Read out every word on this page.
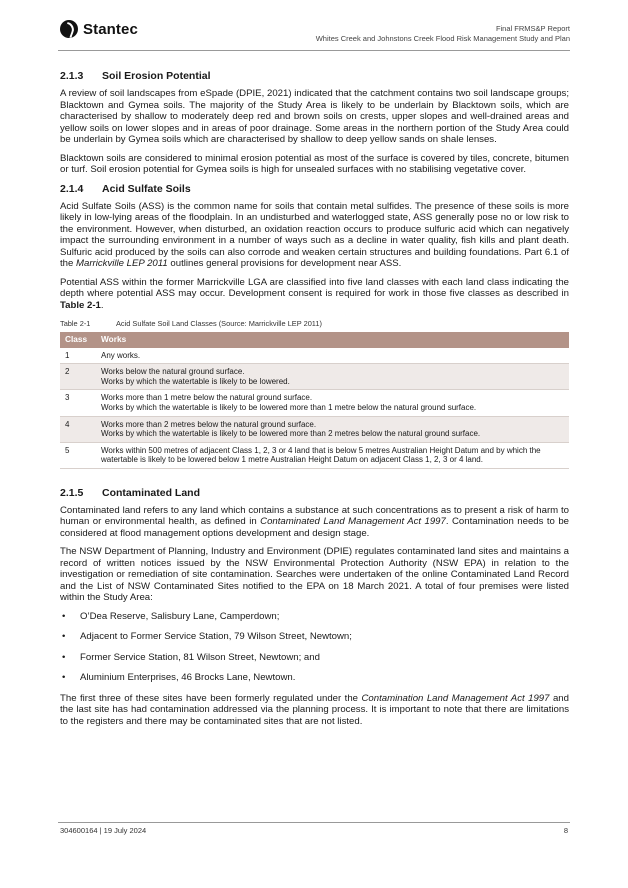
Stantec	Final FRMS&P Report
Whites Creek and Johnstons Creek Flood Risk Management Study and Plan
2.1.3 Soil Erosion Potential

A review of soil landscapes from eSpade (DPIE, 2021) indicated that the catchment contains two soil landscape groups; Blacktown and Gymea soils. The majority of the Study Area is likely to be underlain by Blacktown soils, which are characterised by shallow to moderately deep red and brown soils on crests, upper slopes and well-drained areas and yellow soils on lower slopes and in areas of poor drainage. Some areas in the northern portion of the Study Area could be underlain by Gymea soils which are characterised by shallow to deep yellow sands on shale lenses.

Blacktown soils are considered to minimal erosion potential as most of the surface is covered by tiles, concrete, bitumen or turf. Soil erosion potential for Gymea soils is high for unsealed surfaces with no stabilising vegetative cover.

2.1.4 Acid Sulfate Soils

Acid Sulfate Soils (ASS) is the common name for soils that contain metal sulfides. The presence of these soils is more likely in low-lying areas of the floodplain. In an undisturbed and waterlogged state, ASS generally pose no or low risk to the environment. However, when disturbed, an oxidation reaction occurs to produce sulfuric acid which can negatively impact the surrounding environment in a number of ways such as a decline in water quality, fish kills and plant death. Sulfuric acid produced by the soils can also corrode and weaken certain structures and building foundations. Part 6.1 of the Marrickville LEP 2011 outlines general provisions for development near ASS.

Potential ASS within the former Marrickville LGA are classified into five land classes with each land class indicating the depth where potential ASS may occur. Development consent is required for work in those five classes as described in Table 2-1.

Table 2-1	Acid Sulfate Soil Land Classes (Source: Marrickville LEP 2011)
Class	Works
1	Any works.

2	Works below the natural ground surface.
Works by which the watertable is likely to be lowered.

3	Works more than 1 metre below the natural ground surface.
Works by which the watertable is likely to be lowered more than 1 metre below the natural ground surface.

4	Works more than 2 metres below the natural ground surface.
Works by which the watertable is likely to be lowered more than 2 metres below the natural ground surface.

5	Works within 500 metres of adjacent Class 1, 2, 3 or 4 land that is below 5 metres Australian Height Datum and by which the watertable is likely to be lowered below 1 metre Australian Height Datum on adjacent Class 1, 2, 3 or 4 land.
2.1.5 Contaminated Land

Contaminated land refers to any land which contains a substance at such concentrations as to present a risk of harm to human or environmental health, as defined in Contaminated Land Management Act 1997. Contamination needs to be considered at flood management options development and design stage.

The NSW Department of Planning, Industry and Environment (DPIE) regulates contaminated land sites and maintains a record of written notices issued by the NSW Environmental Protection Authority (NSW EPA) in relation to the investigation or remediation of site contamination. Searches were undertaken of the online Contaminated Land Record and the List of NSW Contaminated Sites notified to the EPA on 18 March 2021. A total of four premises were listed within the Study Area:

• O’Dea Reserve, Salisbury Lane, Camperdown;
• Adjacent to Former Service Station, 79 Wilson Street, Newtown;
• Former Service Station, 81 Wilson Street, Newtown; and
• Aluminium Enterprises, 46 Brocks Lane, Newtown.

The first three of these sites have been formerly regulated under the Contamination Land Management Act 1997 and the last site has had contamination addressed via the planning process. It is important to note that there are limitations to the registers and there may be contaminated sites that are not listed.

304600164 | 19 July 2024	8
